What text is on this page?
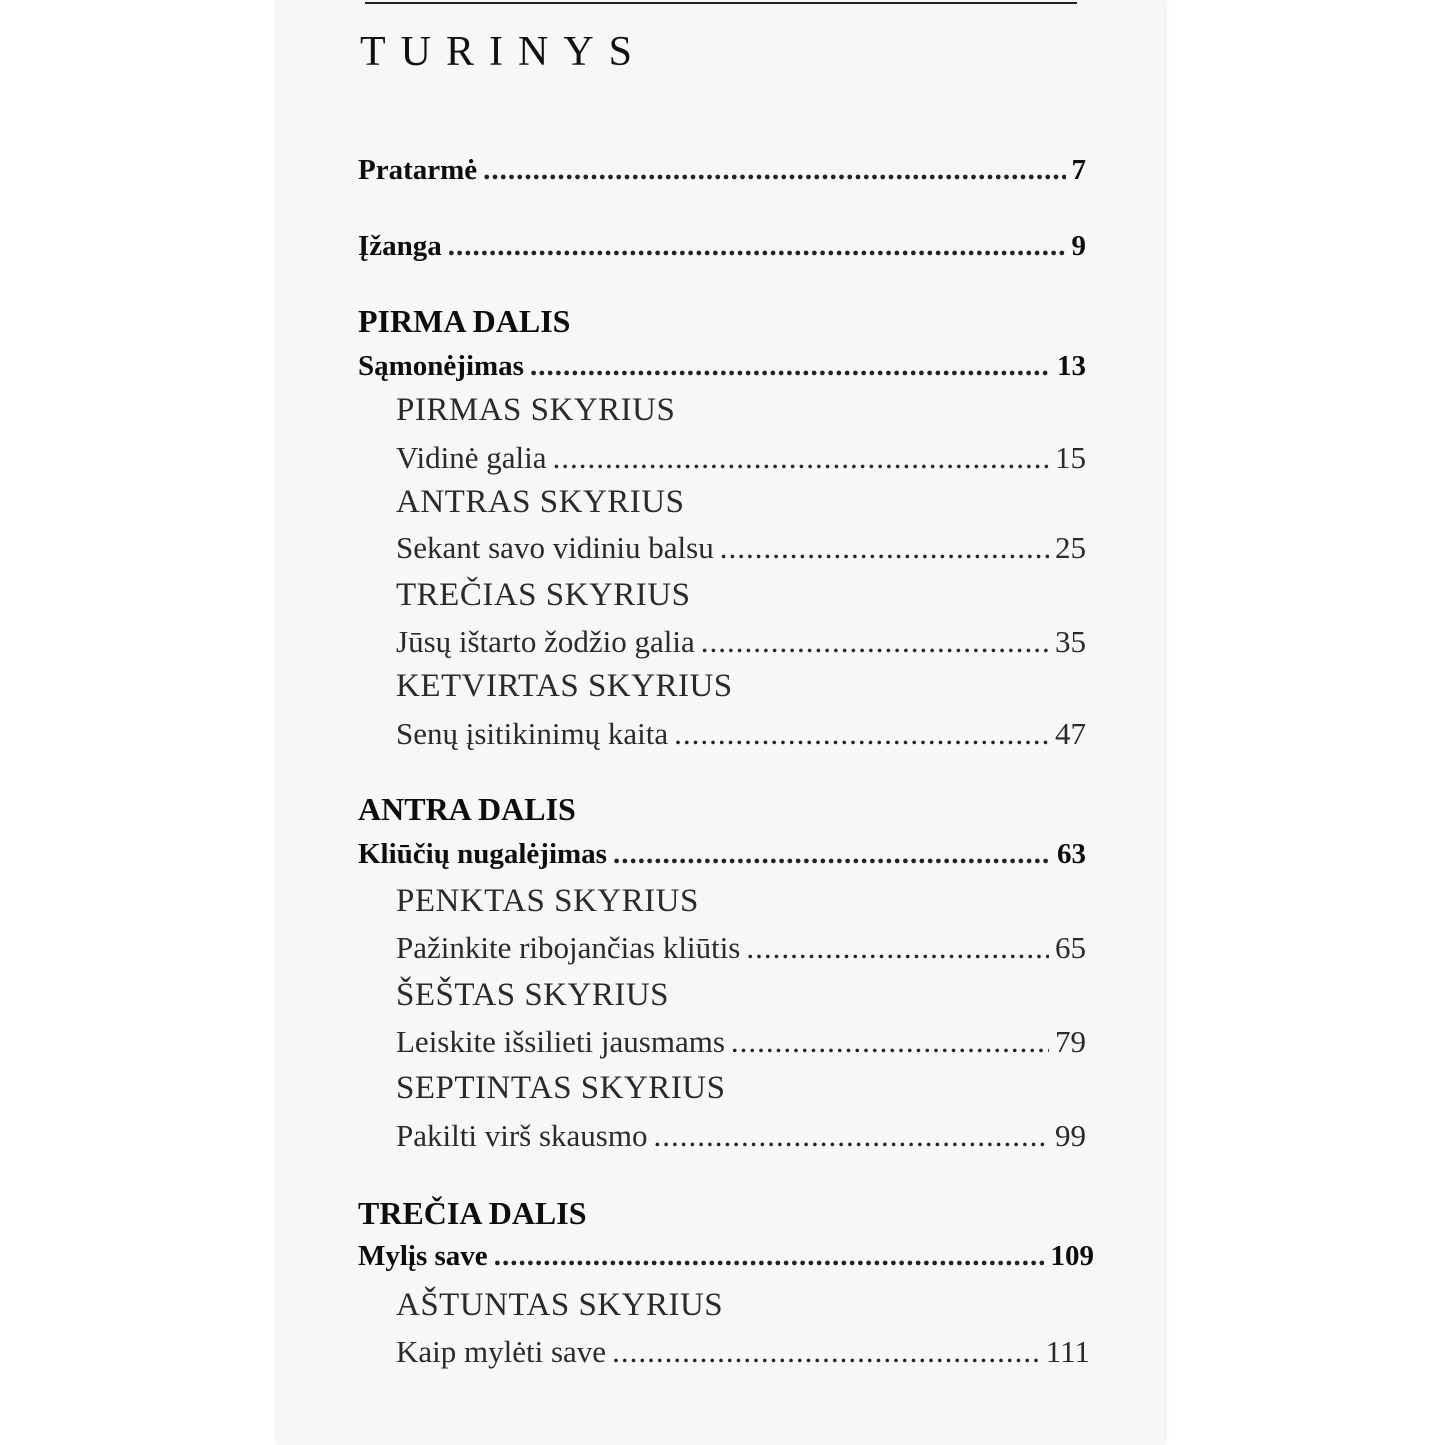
TURINYS
Pratarmė .....	7
Įžanga .....	9
PIRMA DALIS
Sąmonėjimas .....	13
PIRMAS SKYRIUS
Vidinė galia .....	15
ANTRAS SKYRIUS
Sekant savo vidiniu balsu .....	25
TREČIAS SKYRIUS
Jūsų ištarto žodžio galia .....	35
KETVIRTAS SKYRIUS
Senų įsitikinimų kaita .....	47
ANTRA DALIS
Kliūčių nugalėjimas .....	63
PENKTAS SKYRIUS
Pažinkite ribojančias kliūtis .....	65
ŠEŠTAS SKYRIUS
Leiskite išsilieti jausmams .....	79
SEPTINTAS SKYRIUS
Pakilti virš skausmo .....	99
TREČIA DALIS
Mylįs save .....	109
AŠTUNTAS SKYRIUS
Kaip mylėti save .....	111
